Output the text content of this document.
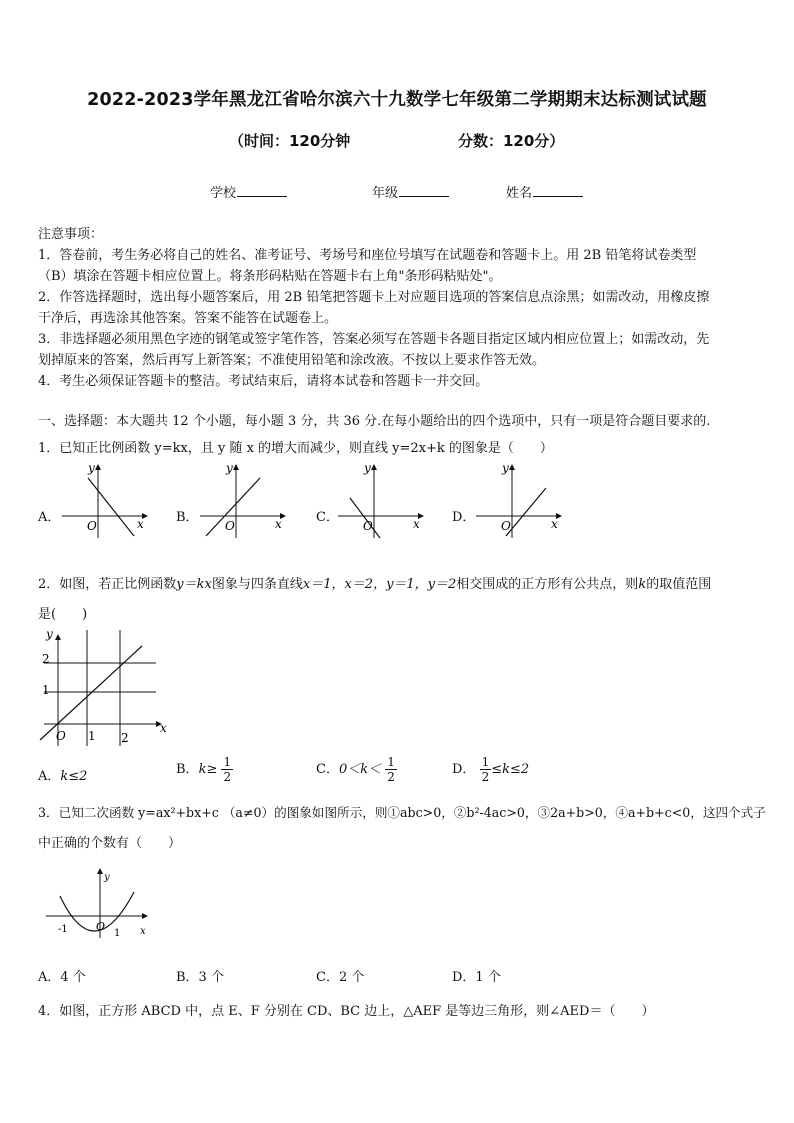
2022-2023学年黑龙江省哈尔滨六十九数学七年级第二学期期末达标测试试题
（时间：120分钟	分数：120分）
学校	年级	姓名
注意事项：
1．答卷前，考生务必将自己的姓名、准考证号、考场号和座位号填写在试题卷和答题卡上。用 2B 铅笔将试卷类型
（B）填涂在答题卡相应位置上。将条形码粘贴在答题卡右上角"条形码粘贴处"。
2．作答选择题时，选出每小题答案后，用 2B 铅笔把答题卡上对应题目选项的答案信息点涂黑；如需改动，用橡皮擦
干净后，再选涂其他答案。答案不能答在试题卷上。
3．非选择题必须用黑色字迹的钢笔或签字笔作答，答案必须写在答题卡各题目指定区域内相应位置上；如需改动，先
划掉原来的答案，然后再写上新答案；不准使用铅笔和涂改液。不按以上要求作答无效。
4．考生必须保证答题卡的整洁。考试结束后，请将本试卷和答题卡一并交回。
一、选择题：本大题共 12 个小题，每小题 3 分，共 36 分.在每小题给出的四个选项中，只有一项是符合题目要求的.
1．已知正比例函数 y=kx，且 y 随 x 的增大而减少，则直线 y=2x+k 的图象是（　　）
A．
y
x
O
B．
y
x
O
C．
y
x
O
D．
y
x
O
2．如图，若正比例函数y＝kx图象与四条直线x＝1，x＝2，y＝1，y＝2相交围成的正方形有公共点，则k的取值范围
是(　　)
y
x
O 1 2
1
2
A．k≤2	B．$k\ge \frac{1}{2}$	C．$0<k< \frac{1}{2}$	D． $\frac{1}{2} \le k\le 2$
3．已知二次函数 y=ax²+bx+c （a≠0）的图象如图所示，则①abc>0，②b²-4ac>0，③2a+b>0，④a+b+c<0，这四个式子
中正确的个数有（　　）
y
x
O
-1	1
A．4 个	B．3 个	C．2 个	D．1 个
4．如图，正方形 ABCD 中，点 E、F 分别在 CD、BC 边上，△AEF 是等边三角形，则∠AED＝（　　）
